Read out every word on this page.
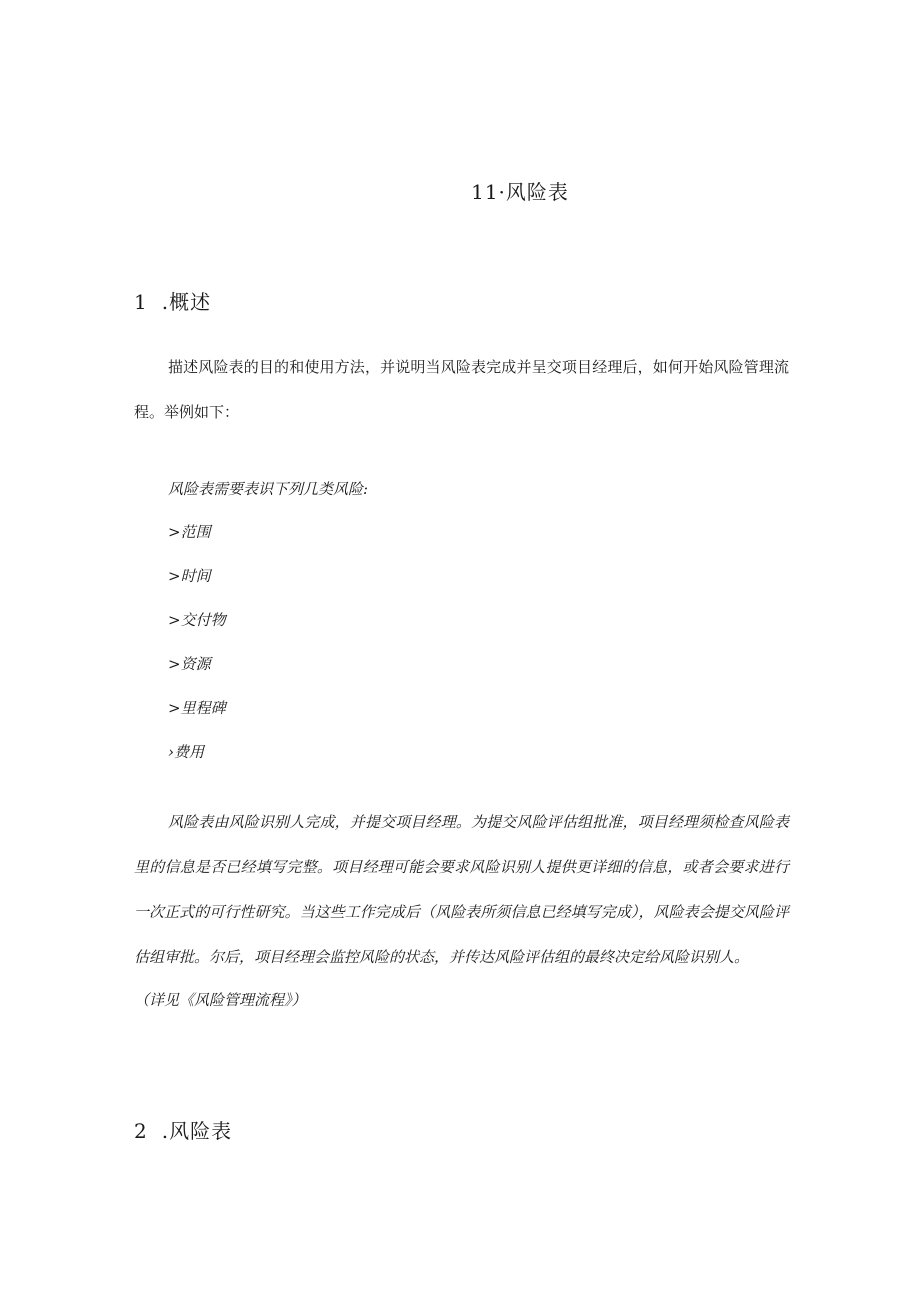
11·风险表
1 .概述

描述风险表的目的和使用方法，并说明当风险表完成并呈交项目经理后，如何开始风险管理流程。举例如下：

风险表需要表识下列几类风险:

>范围
>时间
>交付物
>资源
>里程碑
›费用

风险表由风险识别人完成，并提交项目经理。为提交风险评估组批准，项目经理须检查风险表里的信息是否已经填写完整。项目经理可能会要求风险识别人提供更详细的信息，或者会要求进行一次正式的可行性研究。当这些工作完成后（风险表所须信息已经填写完成），风险表会提交风险评估组审批。尔后，项目经理会监控风险的状态，并传达风险评估组的最终决定给风险识别人。
（详见《风险管理流程》）

2 .风险表
